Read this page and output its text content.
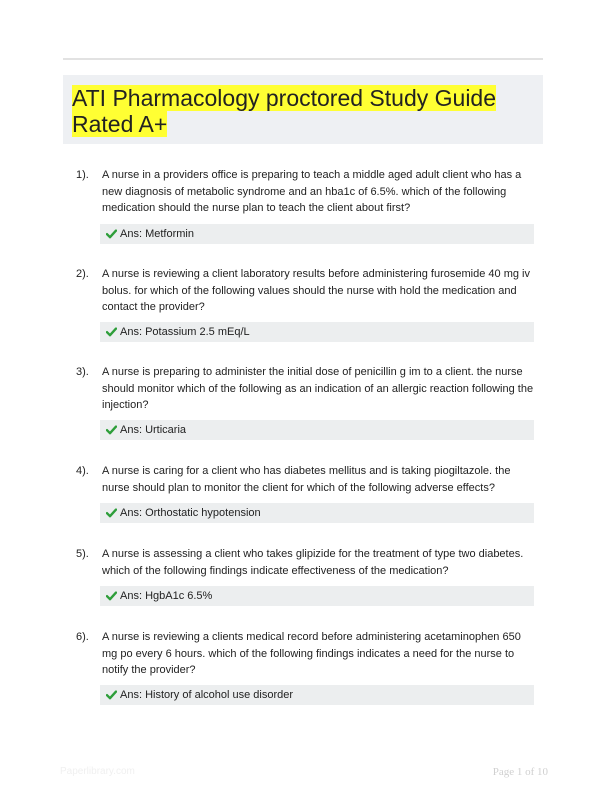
ATI Pharmacology proctored Study Guide Rated A+
1). A nurse in a providers office is preparing to teach a middle aged adult client who has a new diagnosis of metabolic syndrome and an hba1c of 6.5%. which of the following medication should the nurse plan to teach the client about first?
Ans: Metformin
2). A nurse is reviewing a client laboratory results before administering furosemide 40 mg iv bolus. for which of the following values should the nurse with hold the medication and contact the provider?
Ans: Potassium 2.5 mEq/L
3). A nurse is preparing to administer the initial dose of penicillin g im to a client. the nurse should monitor which of the following as an indication of an allergic reaction following the injection?
Ans: Urticaria
4). A nurse is caring for a client who has diabetes mellitus and is taking piogiltazole. the nurse should plan to monitor the client for which of the following adverse effects?
Ans: Orthostatic hypotension
5). A nurse is assessing a client who takes glipizide for the treatment of type two diabetes. which of the following findings indicate effectiveness of the medication?
Ans: HgbA1c 6.5%
6). A nurse is reviewing a clients medical record before administering acetaminophen 650 mg po every 6 hours. which of the following findings indicates a need for the nurse to notify the provider?
Ans: History of alcohol use disorder
Paperlibrary.com	Page 1 of 10
